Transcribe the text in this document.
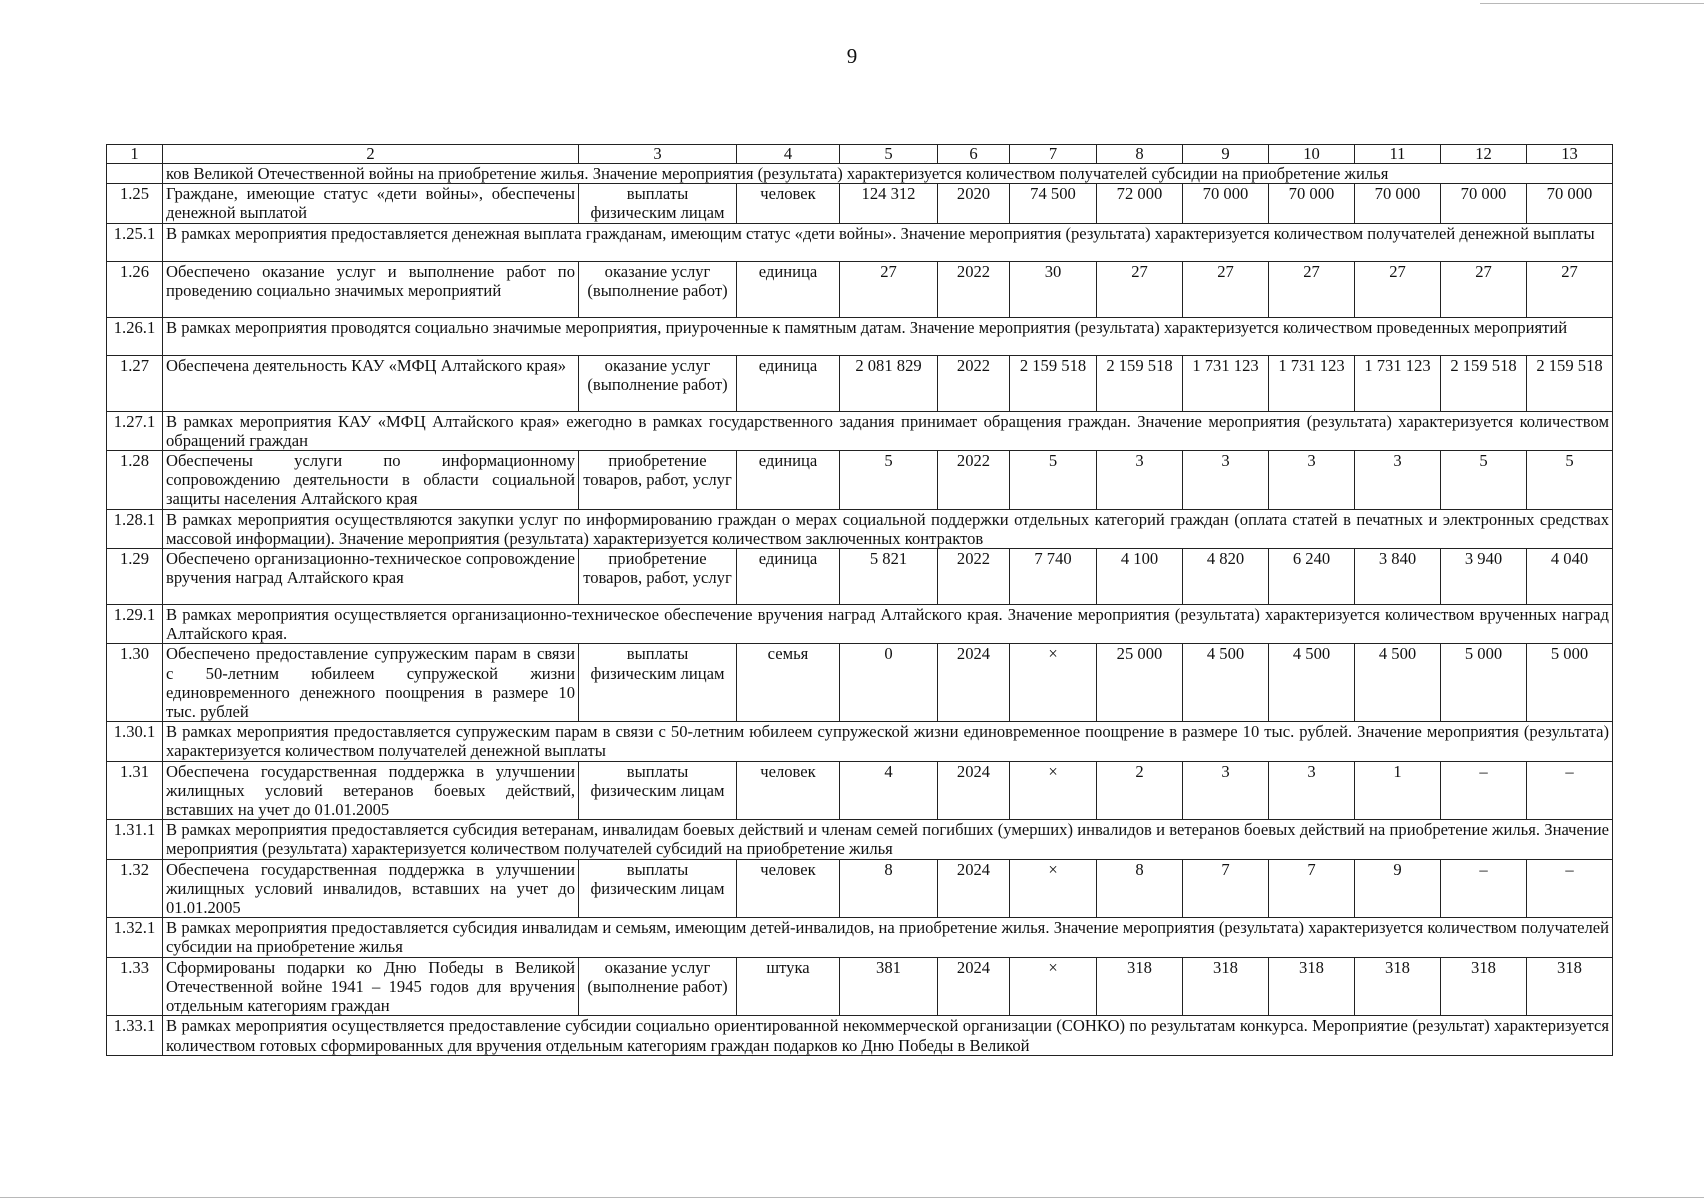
9
1	2	3	4	5	6	7	8	9	10	11	12	13
	ков Великой Отечественной войны на приобретение жилья. Значение мероприятия (результата) характеризуется количеством получателей субсидии на приобретение жилья											
1.25	Граждане, имеющие статус «дети войны», обеспечены денежной выплатой	выплаты физическим лицам	человек	124 312	2020	74 500	72 000	70 000	70 000	70 000	70 000	70 000
1.25.1	В рамках мероприятия предоставляется денежная выплата гражданам, имеющим статус «дети войны». Значение мероприятия (результата) характеризуется количеством получателей денежной выплаты											
1.26	Обеспечено оказание услуг и выполнение работ по проведению социально значимых мероприятий	оказание услуг (выполнение работ)	единица	27	2022	30	27	27	27	27	27	27
1.26.1	В рамках мероприятия проводятся социально значимые мероприятия, приуроченные к памятным датам. Значение мероприятия (результата) характеризуется количеством проведенных мероприятий											
1.27	Обеспечена деятельность КАУ «МФЦ Алтайского края»	оказание услуг (выполнение работ)	единица	2 081 829	2022	2 159 518	2 159 518	1 731 123	1 731 123	1 731 123	2 159 518	2 159 518
1.27.1	В рамках мероприятия КАУ «МФЦ Алтайского края» ежегодно в рамках государственного задания принимает обращения граждан. Значение мероприятия (результата) характеризуется количеством обращений граждан											
1.28	Обеспечены услуги по информационному сопровождению деятельности в области социальной защиты населения Алтайского края	приобретение товаров, работ, услуг	единица	5	2022	5	3	3	3	3	5	5
1.28.1	В рамках мероприятия осуществляются закупки услуг по информированию граждан о мерах социальной поддержки отдельных категорий граждан (оплата статей в печатных и электронных средствах массовой информации). Значение мероприятия (результата) характеризуется количеством заключенных контрактов											
1.29	Обеспечено организационно-техническое сопровождение вручения наград Алтайского края	приобретение товаров, работ, услуг	единица	5 821	2022	7 740	4 100	4 820	6 240	3 840	3 940	4 040
1.29.1	В рамках мероприятия осуществляется организационно-техническое обеспечение вручения наград Алтайского края. Значение мероприятия (результата) характеризуется количеством врученных наград Алтайского края.											
1.30	Обеспечено предоставление супружеским парам в связи с 50-летним юбилеем супружеской жизни единовременного денежного поощрения в размере 10 тыс. рублей	выплаты физическим лицам	семья	0	2024	×	25 000	4 500	4 500	4 500	5 000	5 000
1.30.1	В рамках мероприятия предоставляется супружеским парам в связи с 50-летним юбилеем супружеской жизни единовременное поощрение в размере 10 тыс. рублей. Значение мероприятия (результата) характеризуется количеством получателей денежной выплаты											
1.31	Обеспечена государственная поддержка в улучшении жилищных условий ветеранов боевых действий, вставших на учет до 01.01.2005	выплаты физическим лицам	человек	4	2024	×	2	3	3	1	–	–
1.31.1	В рамках мероприятия предоставляется субсидия ветеранам, инвалидам боевых действий и членам семей погибших (умерших) инвалидов и ветеранов боевых действий на приобретение жилья. Значение мероприятия (результата) характеризуется количеством получателей субсидий на приобретение жилья											
1.32	Обеспечена государственная поддержка в улучшении жилищных условий инвалидов, вставших на учет до 01.01.2005	выплаты физическим лицам	человек	8	2024	×	8	7	7	9	–	–
1.32.1	В рамках мероприятия предоставляется субсидия инвалидам и семьям, имеющим детей-инвалидов, на приобретение жилья. Значение мероприятия (результата) характеризуется количеством получателей субсидии на приобретение жилья											
1.33	Сформированы подарки ко Дню Победы в Великой Отечественной войне 1941 – 1945 годов для вручения отдельным категориям граждан	оказание услуг (выполнение работ)	штука	381	2024	×	318	318	318	318	318	318
1.33.1	В рамках мероприятия осуществляется предоставление субсидии социально ориентированной некоммерческой организации (СОНКО) по результатам конкурса. Мероприятие (результат) характеризуется количеством готовых сформированных для вручения отдельным категориям граждан подарков ко Дню Победы в Великой											
